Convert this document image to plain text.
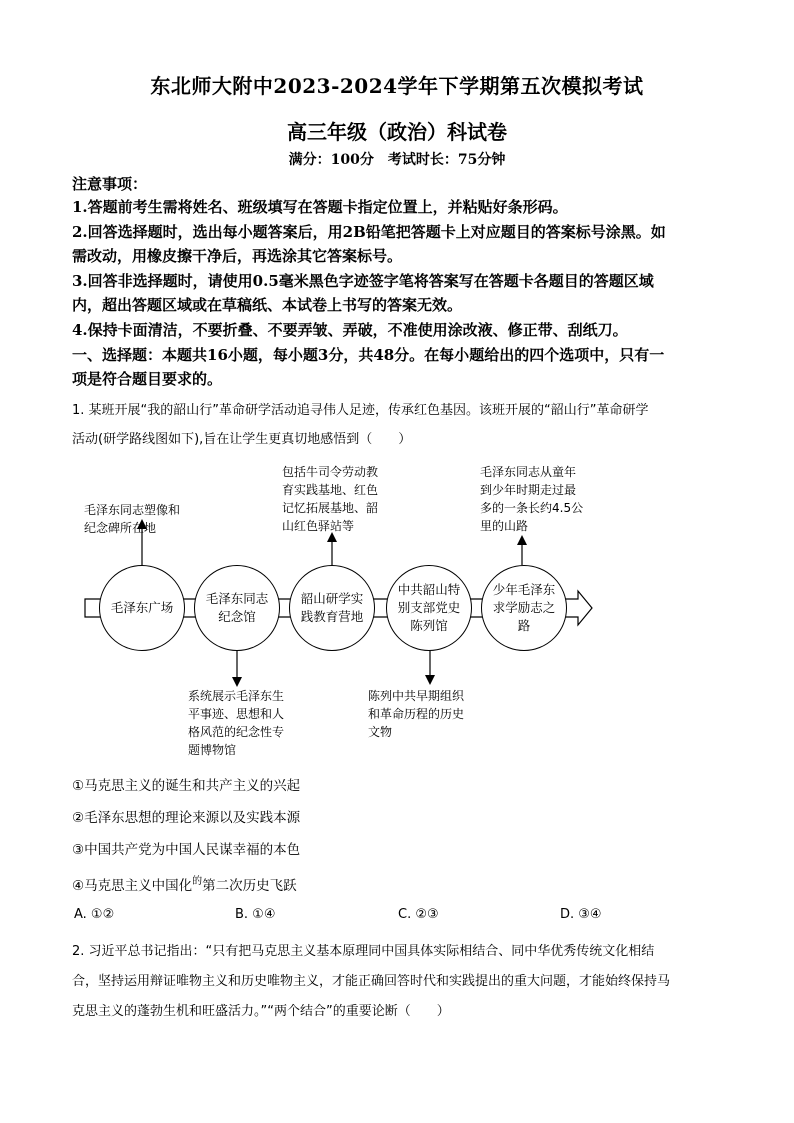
东北师大附中2023-2024学年下学期第五次模拟考试
高三年级（政治）科试卷
满分：100分　考试时长：75分钟
注意事项：
1.答题前考生需将姓名、班级填写在答题卡指定位置上，并粘贴好条形码。
2.回答选择题时，选出每小题答案后，用2B铅笔把答题卡上对应题目的答案标号涂黑。如
需改动，用橡皮擦干净后，再选涂其它答案标号。
3.回答非选择题时，请使用0.5毫米黑色字迹签字笔将答案写在答题卡各题目的答题区域
内，超出答题区域或在草稿纸、本试卷上书写的答案无效。
4.保持卡面清洁，不要折叠、不要弄皱、弄破，不准使用涂改液、修正带、刮纸刀。
一、选择题：本题共16小题，每小题3分，共48分。在每小题给出的四个选项中，只有一
项是符合题目要求的。
1. 某班开展“我的韶山行”革命研学活动追寻伟人足迹，传承红色基因。该班开展的“韶山行”革命研学
活动(研学路线图如下),旨在让学生更真切地感悟到（　　）
毛泽东广场
毛泽东同志纪念馆
韶山研学实践教育营地
中共韶山特别支部党史陈列馆
少年毛泽东求学励志之路
毛泽东同志塑像和
纪念碑所在地
包括牛司令劳动教
育实践基地、红色
记忆拓展基地、韶
山红色驿站等
毛泽东同志从童年
到少年时期走过最
多的一条长约4.5公
里的山路
系统展示毛泽东生
平事迹、思想和人
格风范的纪念性专
题博物馆
陈列中共早期组织
和革命历程的历史
文物
①马克思主义的诞生和共产主义的兴起
②毛泽东思想的理论来源以及实践本源
③中国共产党为中国人民谋幸福的本色
④马克思主义中国化$^的$第二次历史飞跃
A. ①②	B. ①④	C. ②③	D. ③④
2. 习近平总书记指出：“只有把马克思主义基本原理同中国具体实际相结合、同中华优秀传统文化相结
合，坚持运用辩证唯物主义和历史唯物主义，才能正确回答时代和实践提出的重大问题，才能始终保持马
克思主义的蓬勃生机和旺盛活力。”“两个结合”的重要论断（　　）
